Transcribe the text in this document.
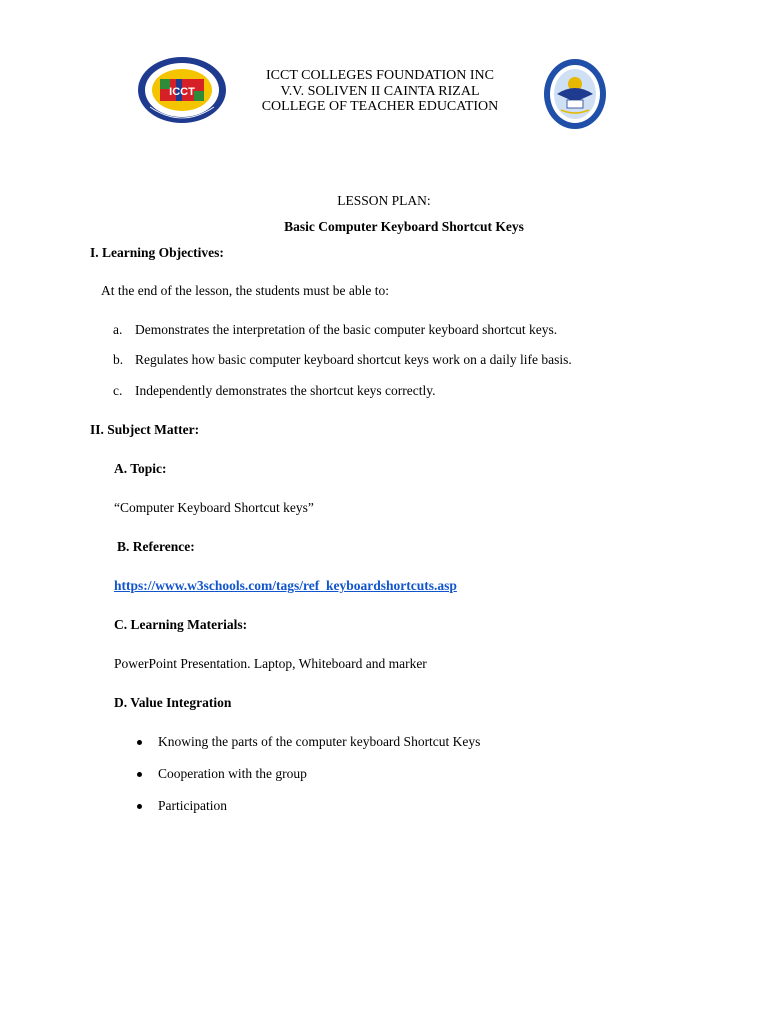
ICCT
ICCT COLLEGES FOUNDATION INC
V.V. SOLIVEN II CAINTA RIZAL
COLLEGE OF TEACHER EDUCATION
LESSON PLAN:
Basic Computer Keyboard Shortcut Keys
I. Learning Objectives:
At the end of the lesson, the students must be able to:
a. Demonstrates the interpretation of the basic computer keyboard shortcut keys.
b. Regulates how basic computer keyboard shortcut keys work on a daily life basis.
c. Independently demonstrates the shortcut keys correctly.
II. Subject Matter:
A. Topic:
“Computer Keyboard Shortcut keys”
B. Reference:
https://www.w3schools.com/tags/ref_keyboardshortcuts.asp
C. Learning Materials:
PowerPoint Presentation. Laptop, Whiteboard and marker
D. Value Integration
Knowing the parts of the computer keyboard Shortcut Keys
Cooperation with the group
Participation
